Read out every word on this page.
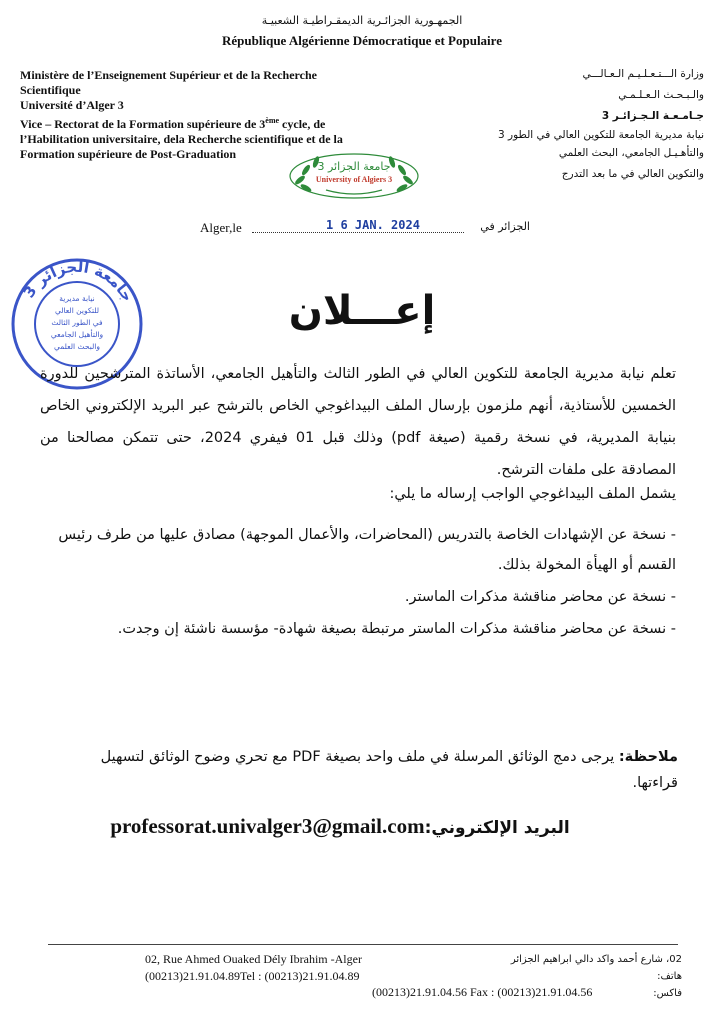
الجمهـورية الجزائـرية الديمقـراطيـة الشعبيـة
République Algérienne Démocratique et Populaire
Ministère de l’Enseignement Supérieur et de la Recherche
Scientifique
Université d’Alger 3
Vice – Rectorat de la Formation supérieure de 3ème cycle, de
l’Habilitation universitaire, dela Recherche scientifique et de la
Formation supérieure de Post-Graduation
وزارة الـــتـعـلـيـم الـعـالـــي
والـبـحـث الـعـلـمـي
جـامـعـة الـجـزائـر 3
نيابة مديرية الجامعة للتكوين العالي في الطور 3
والتأهـيـل الجامعي، البحث العلمي
والتكوين العالي في ما بعد التدرج
جامعة الجزائر 3
University of Algiers 3
Alger,le	1 6 JAN. 2024	الجزائر في
جامعة الجزائر 3
نيابة مديرية
للتكوين العالي
في الطور الثالث
والتأهيل الجامعي
والبحث العلمي
إعـــلان

تعلم نيابة مديرية الجامعة للتكوين العالي في الطور الثالث والتأهيل الجامعي، الأساتذة المترشحين للدورة الخمسين للأستاذية، أنهم ملزمون بإرسال الملف البيداغوجي الخاص بالترشح عبر البريد الإلكتروني الخاص بنيابة المديرية، في نسخة رقمية (صيغة pdf) وذلك قبل 01 فيفري 2024، حتى تتمكن مصالحنا من المصادقة على ملفات الترشح.

يشمل الملف البيداغوجي الواجب إرساله ما يلي:
- نسخة عن الإشهادات الخاصة بالتدريس (المحاضرات، والأعمال الموجهة) مصادق عليها من طرف رئيس القسم أو الهيأة المخولة بذلك.
- نسخة عن محاضر مناقشة مذكرات الماستر.
- نسخة عن محاضر مناقشة مذكرات الماستر مرتبطة بصيغة شهادة- مؤسسة ناشئة إن وجدت.
ملاحظة: يرجى دمج الوثائق المرسلة في ملف واحد بصيغة PDF مع تحري وضوح الوثائق لتسهيل قراءتها.
professorat.univalger3@gmail.comالبريد الإلكتروني:
02, Rue Ahmed Ouaked Dély Ibrahim -Alger
(00213)21.91.04.89Tel : (00213)21.91.04.89
(00213)21.91.04.56 Fax : (00213)21.91.04.56
02، شارع أحمد واكد دالي ابراهيم الجزائر
هاتف:
فاكس:
